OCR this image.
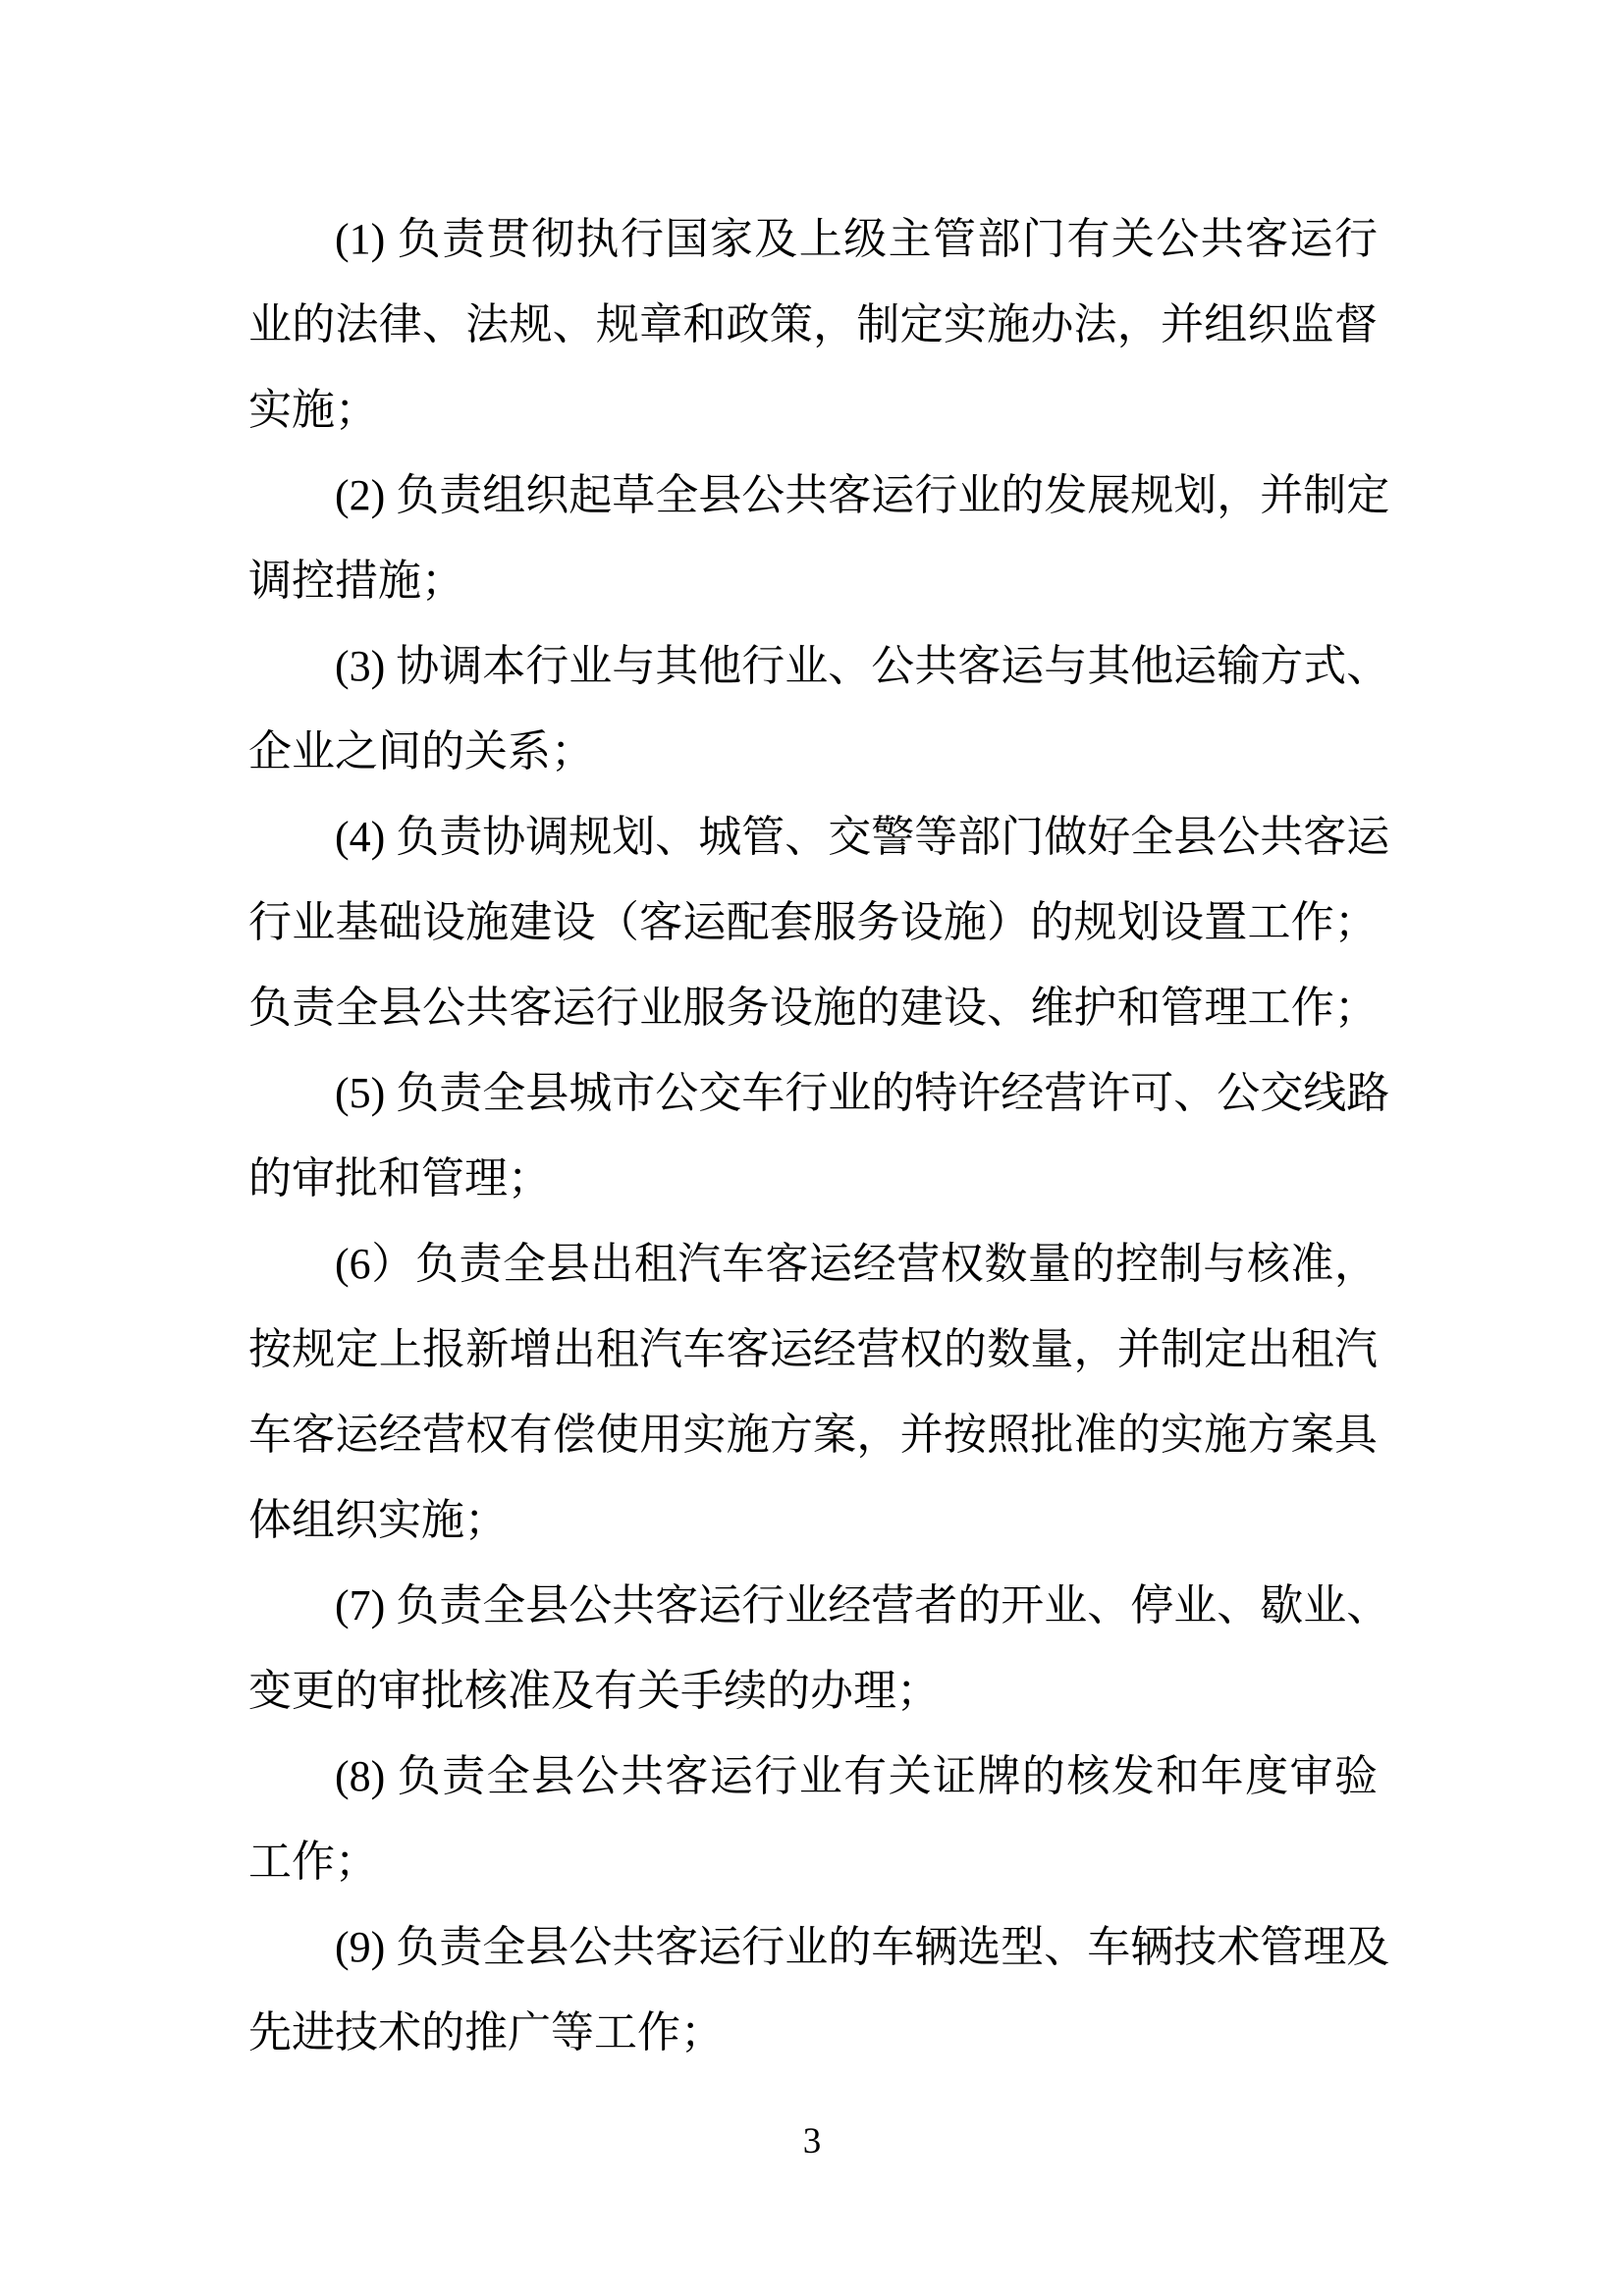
(1) 负责贯彻执行国家及上级主管部门有关公共客运行
业的法律、法规、规章和政策，制定实施办法，并组织监督
实施；
(2) 负责组织起草全县公共客运行业的发展规划，并制定
调控措施；
(3) 协调本行业与其他行业、公共客运与其他运输方式、
企业之间的关系；
(4) 负责协调规划、城管、交警等部门做好全县公共客运
行业基础设施建设（客运配套服务设施）的规划设置工作；
负责全县公共客运行业服务设施的建设、维护和管理工作；
(5) 负责全县城市公交车行业的特许经营许可、公交线路
的审批和管理；
(6）负责全县出租汽车客运经营权数量的控制与核准，
按规定上报新增出租汽车客运经营权的数量，并制定出租汽
车客运经营权有偿使用实施方案，并按照批准的实施方案具
体组织实施；
(7) 负责全县公共客运行业经营者的开业、停业、歇业、
变更的审批核准及有关手续的办理；
(8) 负责全县公共客运行业有关证牌的核发和年度审验
工作；
(9) 负责全县公共客运行业的车辆选型、车辆技术管理及
先进技术的推广等工作；
3
